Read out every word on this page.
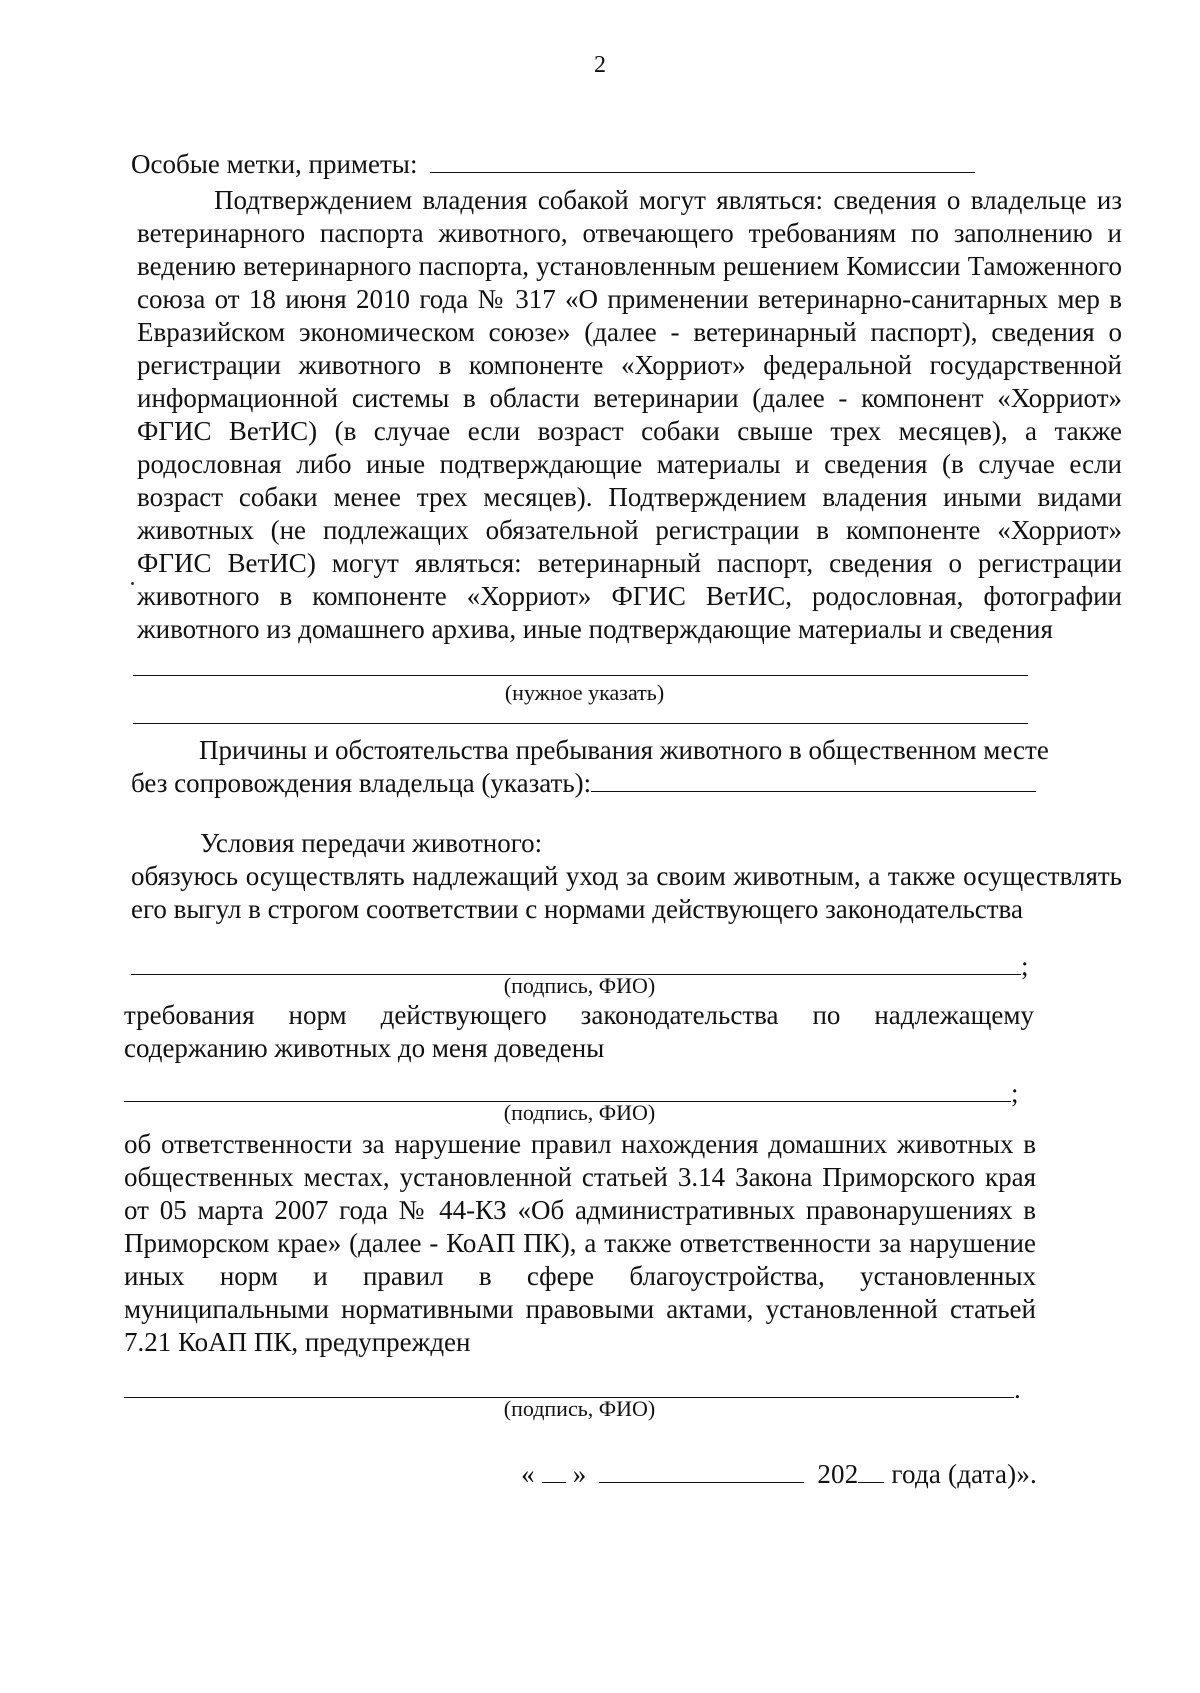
2
Особые метки, приметы:
Подтверждением владения собакой могут являться: сведения о владельце из ветеринарного паспорта животного, отвечающего требованиям по заполнению и ведению ветеринарного паспорта, установленным решением Комиссии Таможенного союза от 18 июня 2010 года № 317 «О применении ветеринарно-санитарных мер в Евразийском экономическом союзе» (далее - ветеринарный паспорт), сведения о регистрации животного в компоненте «Хорриот» федеральной государственной информационной системы в области ветеринарии (далее - компонент «Хорриот» ФГИС ВетИС) (в случае если возраст собаки свыше трех месяцев), а также родословная либо иные подтверждающие материалы и сведения (в случае если возраст собаки менее трех месяцев). Подтверждением владения иными видами животных (не подлежащих обязательной регистрации в компоненте «Хорриот» ФГИС ВетИС) могут являться: ветеринарный паспорт, сведения о регистрации животного в компоненте «Хорриот» ФГИС ВетИС, родословная, фотографии животного из домашнего архива, иные подтверждающие материалы и сведения
(нужное указать)
Причины и обстоятельства пребывания животного в общественном месте
без сопровождения владельца (указать):
Условия передачи животного:
обязуюсь осуществлять надлежащий уход за своим животным, а также осуществлять его выгул в строгом соответствии с нормами действующего законодательства
;
(подпись, ФИО)
требования норм действующего законодательства по надлежащему содержанию животных до меня доведены
;
(подпись, ФИО)
об ответственности за нарушение правил нахождения домашних животных в общественных местах, установленной статьей 3.14 Закона Приморского края от 05 марта 2007 года № 44-КЗ «Об административных правонарушениях в Приморском крае» (далее - КоАП ПК), а также ответственности за нарушение иных норм и правил в сфере благоустройства, установленных муниципальными нормативными правовыми актами, установленной статьей 7.21 КоАП ПК, предупрежден
.
(подпись, ФИО)
« »	202 года (дата)».
